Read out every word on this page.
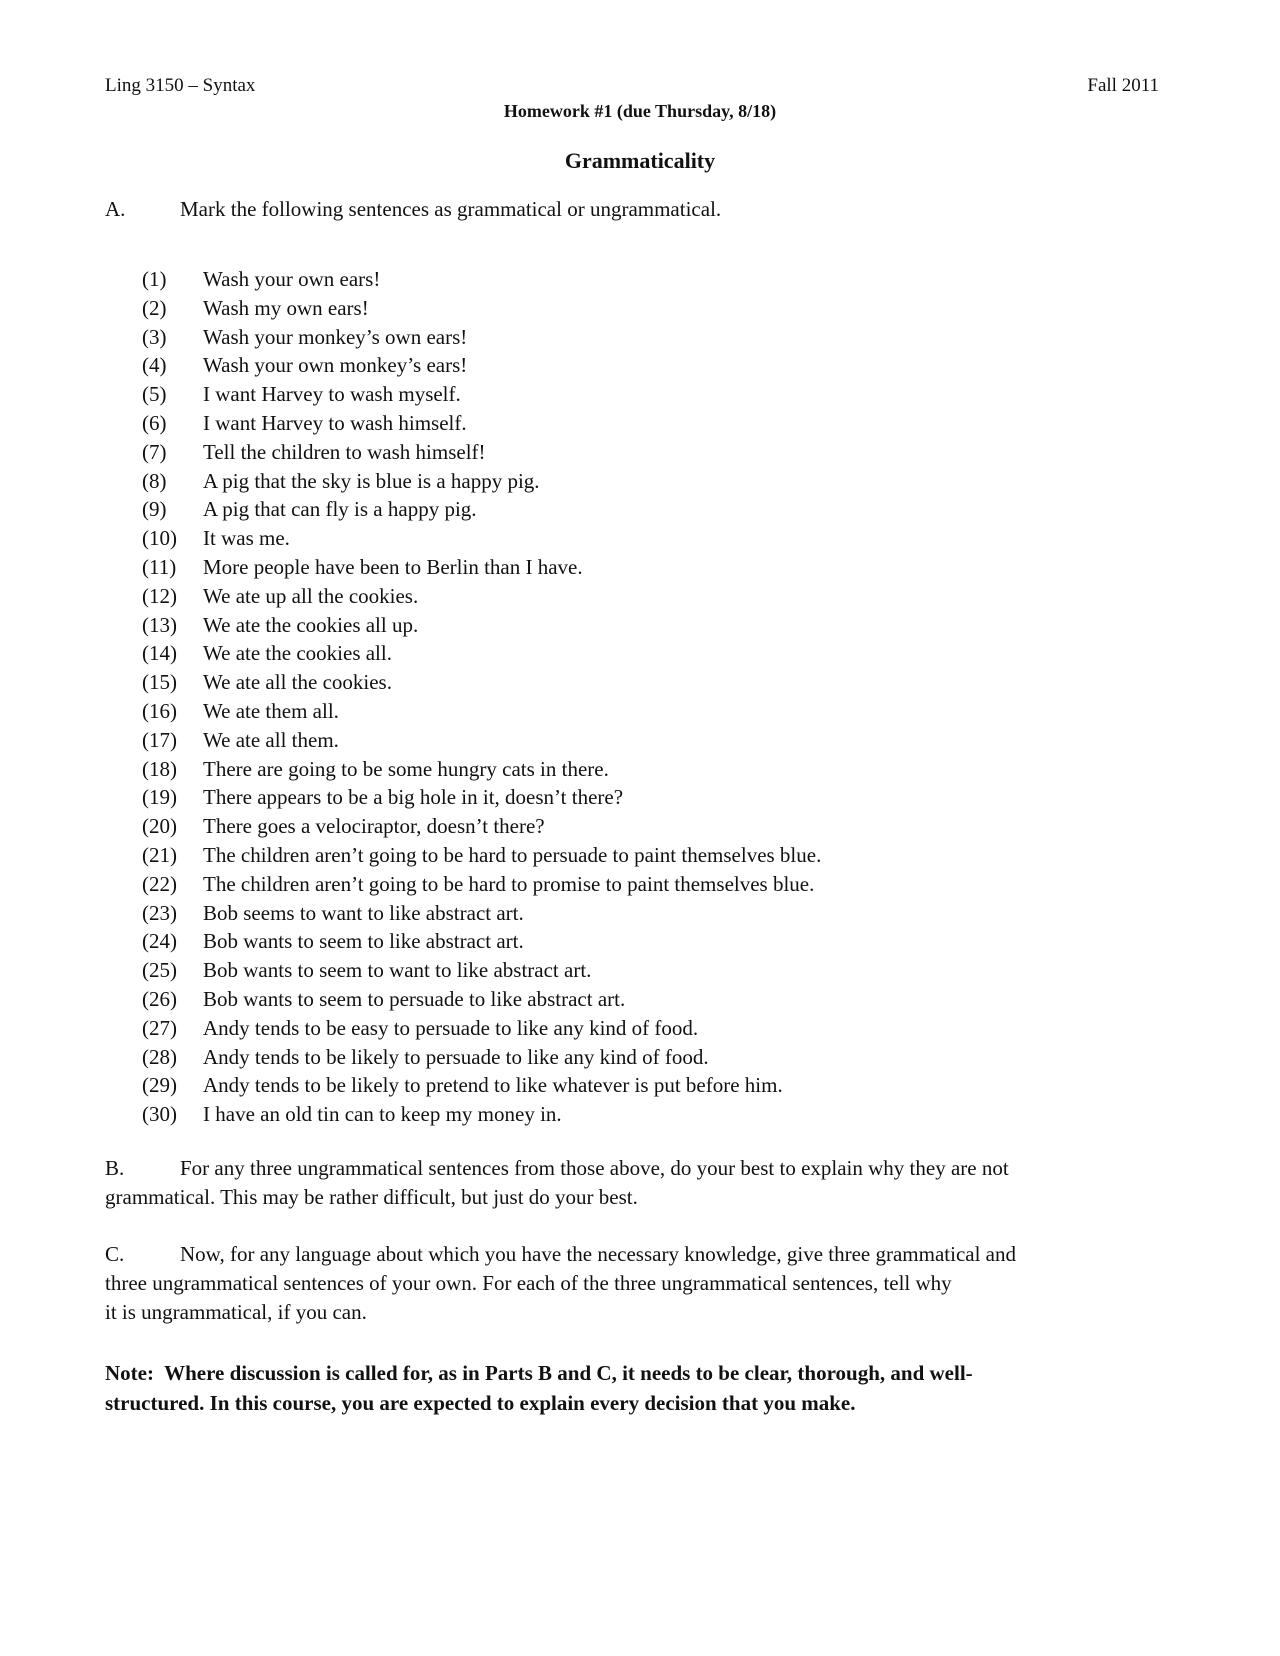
Ling 3150 – Syntax	Fall 2011
Homework #1 (due Thursday, 8/18)
Grammaticality
A.	Mark the following sentences as grammatical or ungrammatical.
(1) Wash your own ears!
(2) Wash my own ears!
(3) Wash your monkey’s own ears!
(4) Wash your own monkey’s ears!
(5) I want Harvey to wash myself.
(6) I want Harvey to wash himself.
(7) Tell the children to wash himself!
(8) A pig that the sky is blue is a happy pig.
(9) A pig that can fly is a happy pig.
(10) It was me.
(11) More people have been to Berlin than I have.
(12) We ate up all the cookies.
(13) We ate the cookies all up.
(14) We ate the cookies all.
(15) We ate all the cookies.
(16) We ate them all.
(17) We ate all them.
(18) There are going to be some hungry cats in there.
(19) There appears to be a big hole in it, doesn’t there?
(20) There goes a velociraptor, doesn’t there?
(21) The children aren’t going to be hard to persuade to paint themselves blue.
(22) The children aren’t going to be hard to promise to paint themselves blue.
(23) Bob seems to want to like abstract art.
(24) Bob wants to seem to like abstract art.
(25) Bob wants to seem to want to like abstract art.
(26) Bob wants to seem to persuade to like abstract art.
(27) Andy tends to be easy to persuade to like any kind of food.
(28) Andy tends to be likely to persuade to like any kind of food.
(29) Andy tends to be likely to pretend to like whatever is put before him.
(30) I have an old tin can to keep my money in.
B.	For any three ungrammatical sentences from those above, do your best to explain why they are not
grammatical. This may be rather difficult, but just do your best.
C.	Now, for any language about which you have the necessary knowledge, give three grammatical and
three ungrammatical sentences of your own. For each of the three ungrammatical sentences, tell why
it is ungrammatical, if you can.
Note:  Where discussion is called for, as in Parts B and C, it needs to be clear, thorough, and well-
structured. In this course, you are expected to explain every decision that you make.
